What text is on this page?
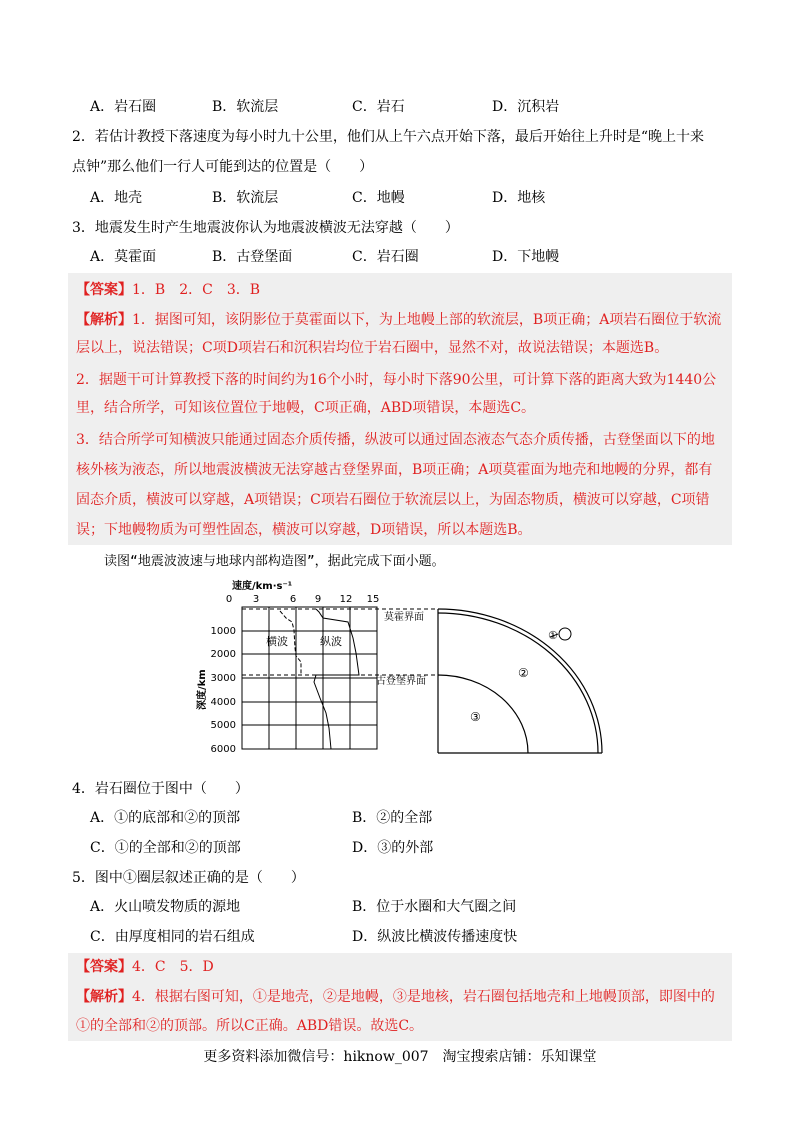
A．岩石圈	B．软流层	C．岩石	D．沉积岩
2．若估计教授下落速度为每小时九十公里，他们从上午六点开始下落，最后开始往上升时是“晚上十来
点钟”那么他们一行人可能到达的位置是（　　）
A．地壳	B．软流层	C．地幔	D．地核
3．地震发生时产生地震波你认为地震波横波无法穿越（　　）
A．莫霍面	B．古登堡面	C．岩石圈	D．下地幔
【答案】1．B　2．C　3．B
【解析】1．据图可知，该阴影位于莫霍面以下，为上地幔上部的软流层，B项正确；A项岩石圈位于软流
层以上，说法错误；C项D项岩石和沉积岩均位于岩石圈中，显然不对，故说法错误；本题选B。
2．据题干可计算教授下落的时间约为16个小时，每小时下落90公里，可计算下落的距离大致为1440公
里，结合所学，可知该位置位于地幔，C项正确，ABD项错误，本题选C。
3．结合所学可知横波只能通过固态介质传播，纵波可以通过固态液态气态介质传播，古登堡面以下的地
核外核为液态，所以地震波横波无法穿越古登堡界面，B项正确；A项莫霍面为地壳和地幔的分界，都有
固态介质，横波可以穿越，A项错误；C项岩石圈位于软流层以上，为固态物质，横波可以穿越，C项错
误；下地幔物质为可塑性固态，横波可以穿越，D项错误，所以本题选B。
读图“地震波波速与地球内部构造图”，据此完成下面小题。
速度/km·s⁻¹
0 3	6 9 12 15
1000
2000
3000
4000
5000
6000
深度/km
横波	纵波
莫霍界面
古登堡界面
①
②
③
4．岩石圈位于图中（　　）
A．①的底部和②的顶部	B．②的全部
C．①的全部和②的顶部	D．③的外部
5．图中①圈层叙述正确的是（　　）
A．火山喷发物质的源地	B．位于水圈和大气圈之间
C．由厚度相同的岩石组成	D．纵波比横波传播速度快
【答案】4．C　5．D
【解析】4．根据右图可知，①是地壳，②是地幔，③是地核，岩石圈包括地壳和上地幔顶部，即图中的
①的全部和②的顶部。所以C正确。ABD错误。故选C。
更多资料添加微信号：hiknow_007　淘宝搜索店铺：乐知课堂
